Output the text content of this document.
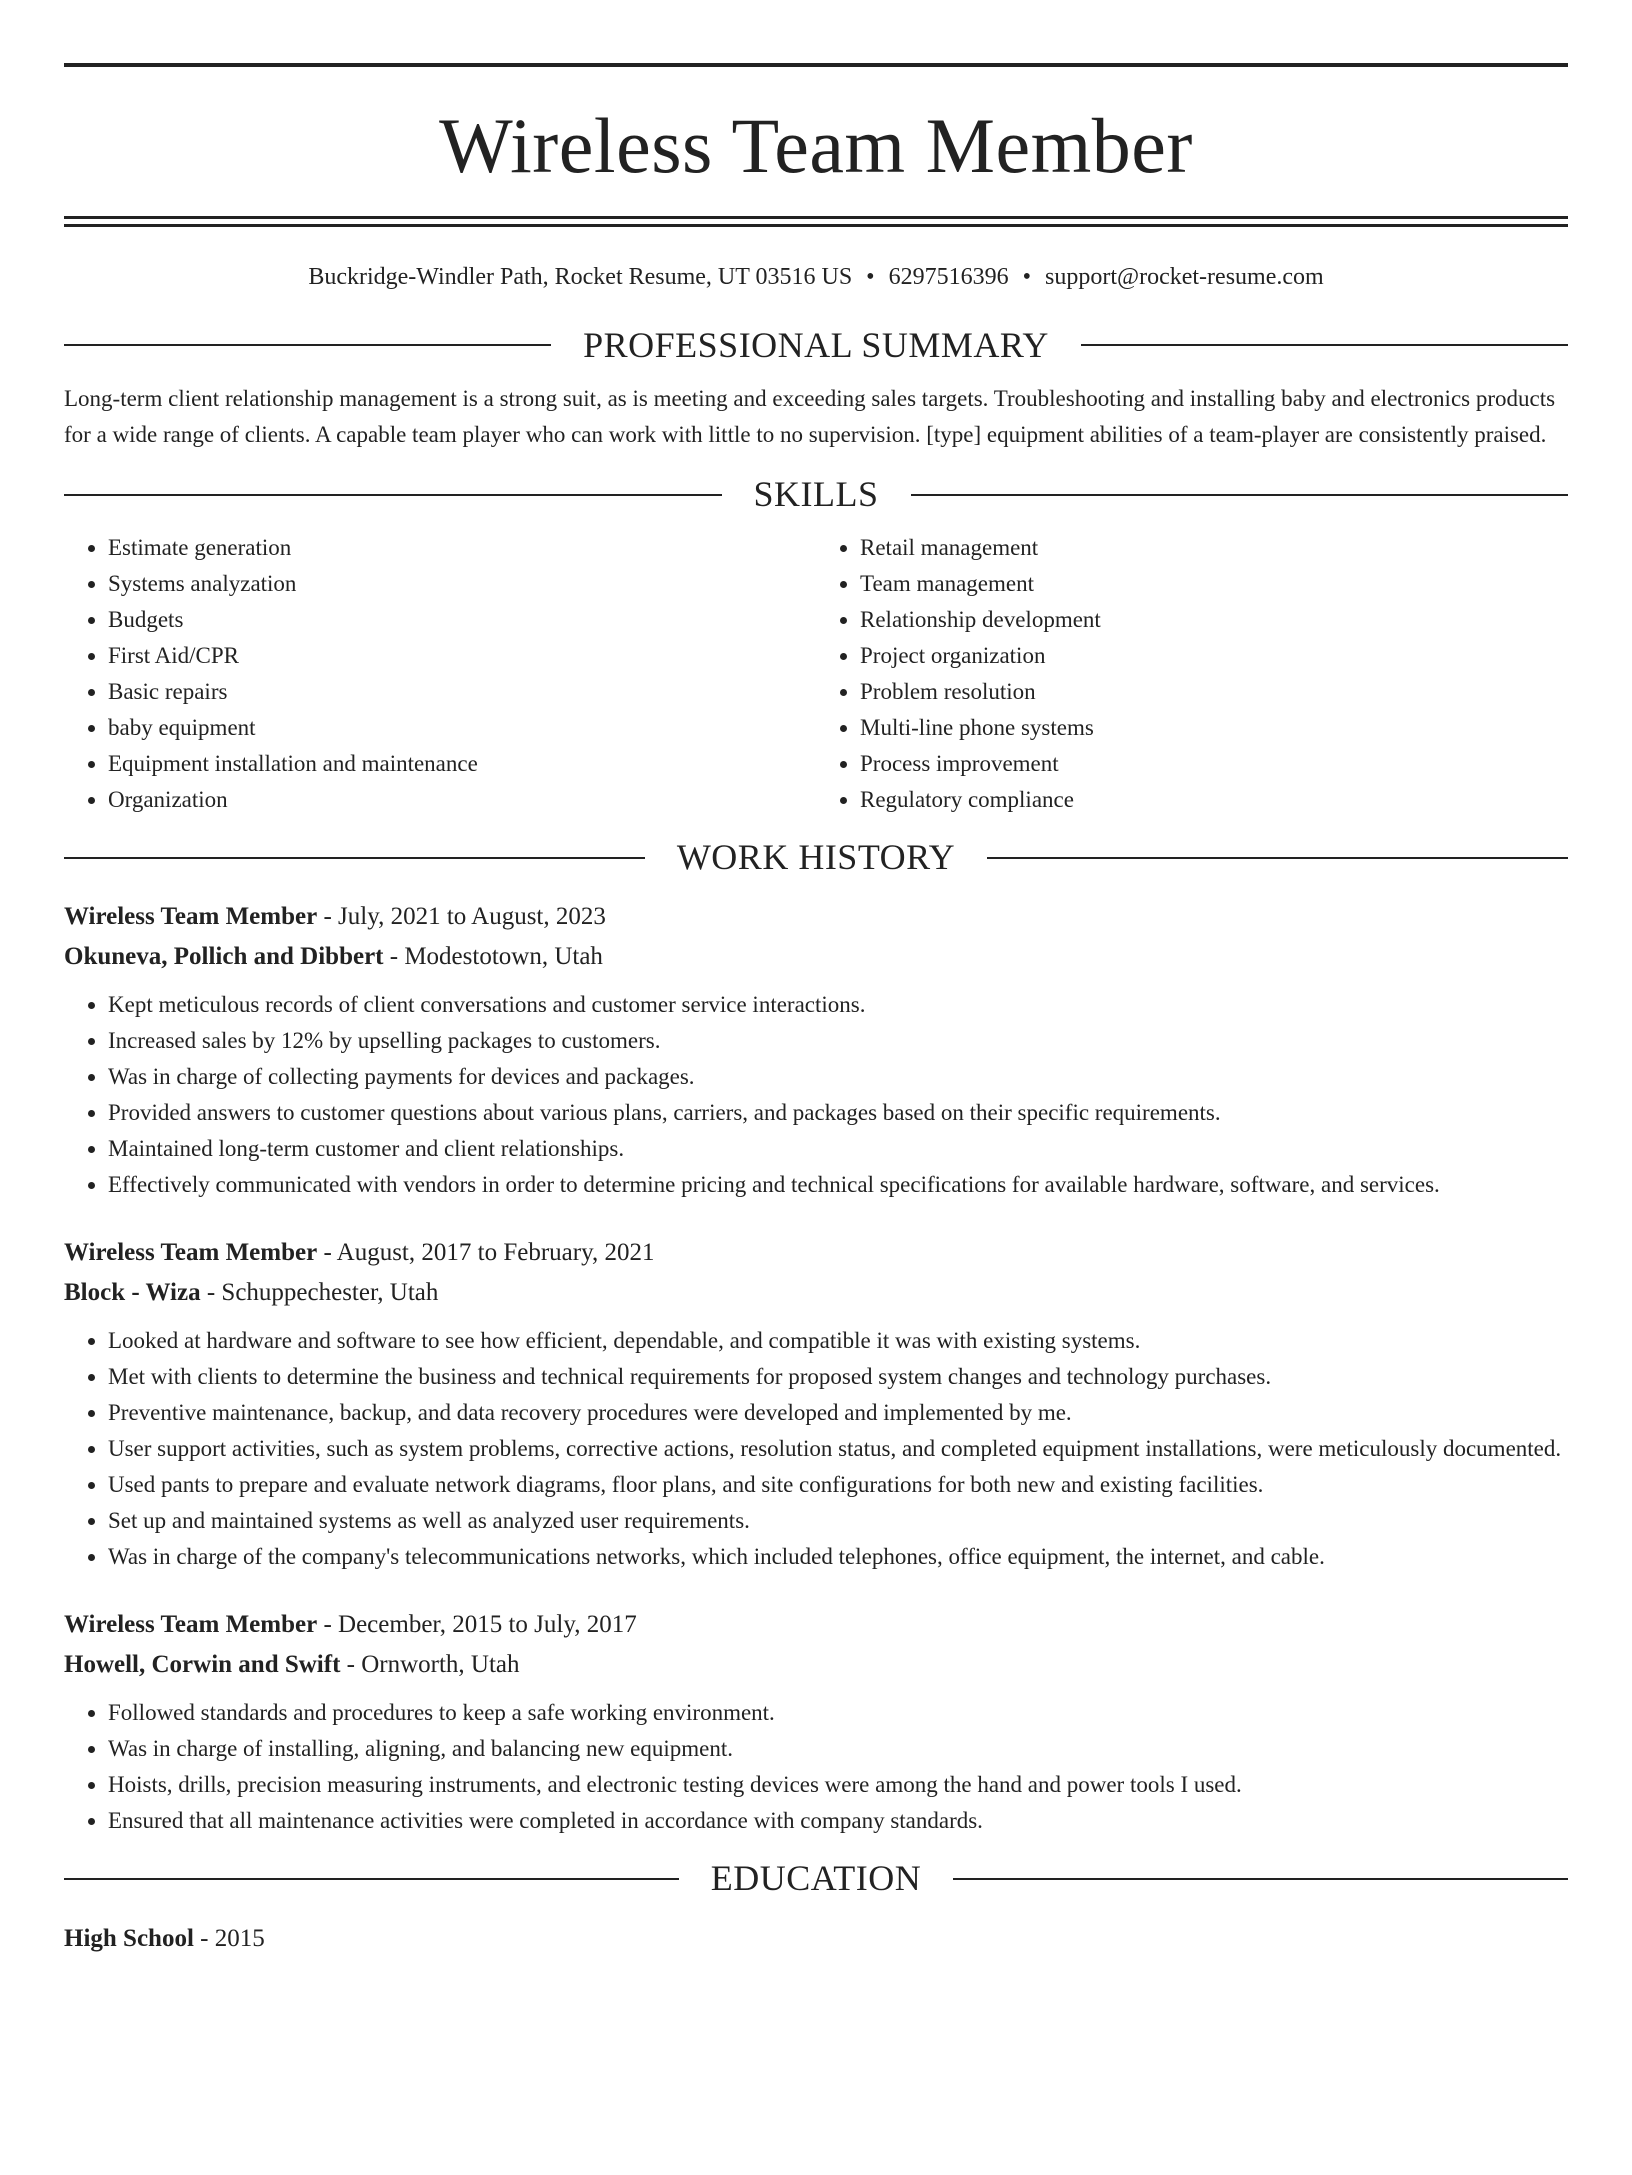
Wireless Team Member
Buckridge-Windler Path, Rocket Resume, UT 03516 US • 6297516396 • support@rocket-resume.com
PROFESSIONAL SUMMARY
Long-term client relationship management is a strong suit, as is meeting and exceeding sales targets. Troubleshooting and installing baby and electronics products for a wide range of clients. A capable team player who can work with little to no supervision. [type] equipment abilities of a team-player are consistently praised.
SKILLS
• Estimate generation
• Systems analyzation
• Budgets
• First Aid/CPR
• Basic repairs
• baby equipment
• Equipment installation and maintenance
• Organization
• Retail management
• Team management
• Relationship development
• Project organization
• Problem resolution
• Multi-line phone systems
• Process improvement
• Regulatory compliance
WORK HISTORY
Wireless Team Member - July, 2021 to August, 2023
Okuneva, Pollich and Dibbert - Modestotown, Utah
• Kept meticulous records of client conversations and customer service interactions.
• Increased sales by 12% by upselling packages to customers.
• Was in charge of collecting payments for devices and packages.
• Provided answers to customer questions about various plans, carriers, and packages based on their specific requirements.
• Maintained long-term customer and client relationships.
• Effectively communicated with vendors in order to determine pricing and technical specifications for available hardware, software, and services.
Wireless Team Member - August, 2017 to February, 2021
Block - Wiza - Schuppechester, Utah
• Looked at hardware and software to see how efficient, dependable, and compatible it was with existing systems.
• Met with clients to determine the business and technical requirements for proposed system changes and technology purchases.
• Preventive maintenance, backup, and data recovery procedures were developed and implemented by me.
• User support activities, such as system problems, corrective actions, resolution status, and completed equipment installations, were meticulously documented.
• Used pants to prepare and evaluate network diagrams, floor plans, and site configurations for both new and existing facilities.
• Set up and maintained systems as well as analyzed user requirements.
• Was in charge of the company's telecommunications networks, which included telephones, office equipment, the internet, and cable.
Wireless Team Member - December, 2015 to July, 2017
Howell, Corwin and Swift - Ornworth, Utah
• Followed standards and procedures to keep a safe working environment.
• Was in charge of installing, aligning, and balancing new equipment.
• Hoists, drills, precision measuring instruments, and electronic testing devices were among the hand and power tools I used.
• Ensured that all maintenance activities were completed in accordance with company standards.
EDUCATION
High School - 2015
